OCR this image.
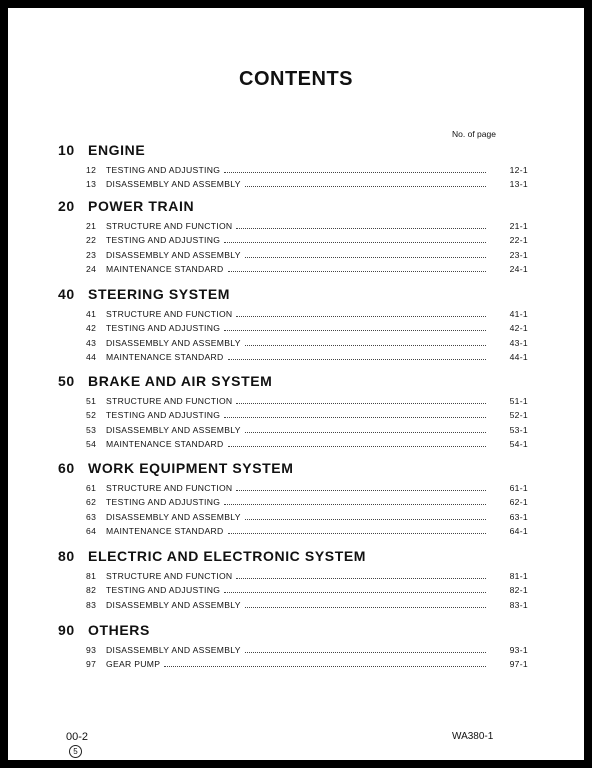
CONTENTS
No. of page
10 ENGINE
12	TESTING AND ADJUSTING	12-1
13	DISASSEMBLY AND ASSEMBLY	13-1
20 POWER TRAIN
21	STRUCTURE AND FUNCTION	21-1
22	TESTING AND ADJUSTING	22-1
23	DISASSEMBLY AND ASSEMBLY	23-1
24	MAINTENANCE STANDARD	24-1
40 STEERING SYSTEM
41	STRUCTURE AND FUNCTION	41-1
42	TESTING AND ADJUSTING	42-1
43	DISASSEMBLY AND ASSEMBLY	43-1
44	MAINTENANCE STANDARD	44-1
50 BRAKE AND AIR SYSTEM
51	STRUCTURE AND FUNCTION	51-1
52	TESTING AND ADJUSTING	52-1
53	DISASSEMBLY AND ASSEMBLY	53-1
54	MAINTENANCE STANDARD	54-1
60 WORK EQUIPMENT SYSTEM
61	STRUCTURE AND FUNCTION	61-1
62	TESTING AND ADJUSTING	62-1
63	DISASSEMBLY AND ASSEMBLY	63-1
64	MAINTENANCE STANDARD	64-1
80 ELECTRIC AND ELECTRONIC SYSTEM
81	STRUCTURE AND FUNCTION	81-1
82	TESTING AND ADJUSTING	82-1
83	DISASSEMBLY AND ASSEMBLY	83-1
90 OTHERS
93	DISASSEMBLY AND ASSEMBLY	93-1
97	GEAR PUMP	97-1
00-2
5
WA380-1
